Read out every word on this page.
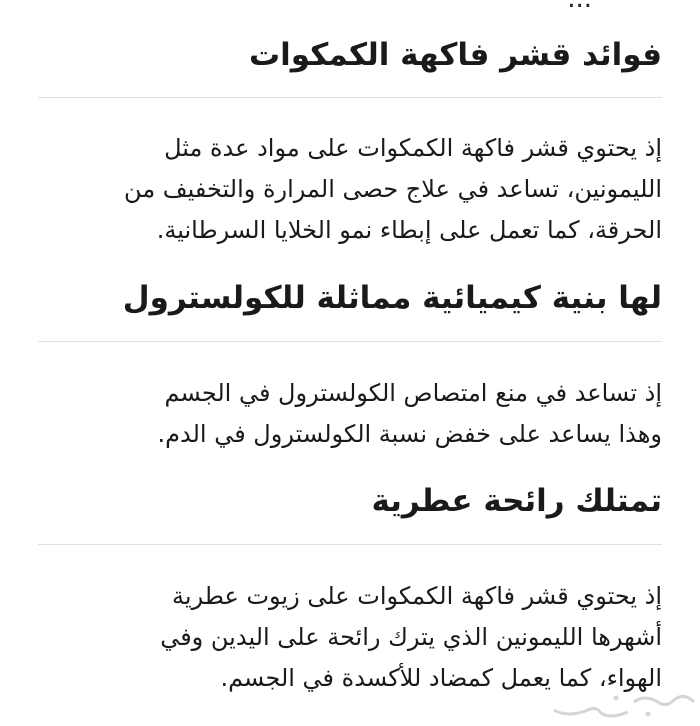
فوائد قشر فاكهة الكمكوات

إذ يحتوي قشر فاكهة الكمكوات على مواد عدة مثل
الليمونين، تساعد في علاج حصى المرارة والتخفيف من
الحرقة، كما تعمل على إبطاء نمو الخلايا السرطانية.

لها بنية كيميائية مماثلة للكولسترول

إذ تساعد في منع امتصاص الكولسترول في الجسم
وهذا يساعد على خفض نسبة الكولسترول في الدم.

تمتلك رائحة عطرية

إذ يحتوي قشر فاكهة الكمكوات على زيوت عطرية
أشهرها الليمونين الذي يترك رائحة على اليدين وفي
الهواء، كما يعمل كمضاد للأكسدة في الجسم.
